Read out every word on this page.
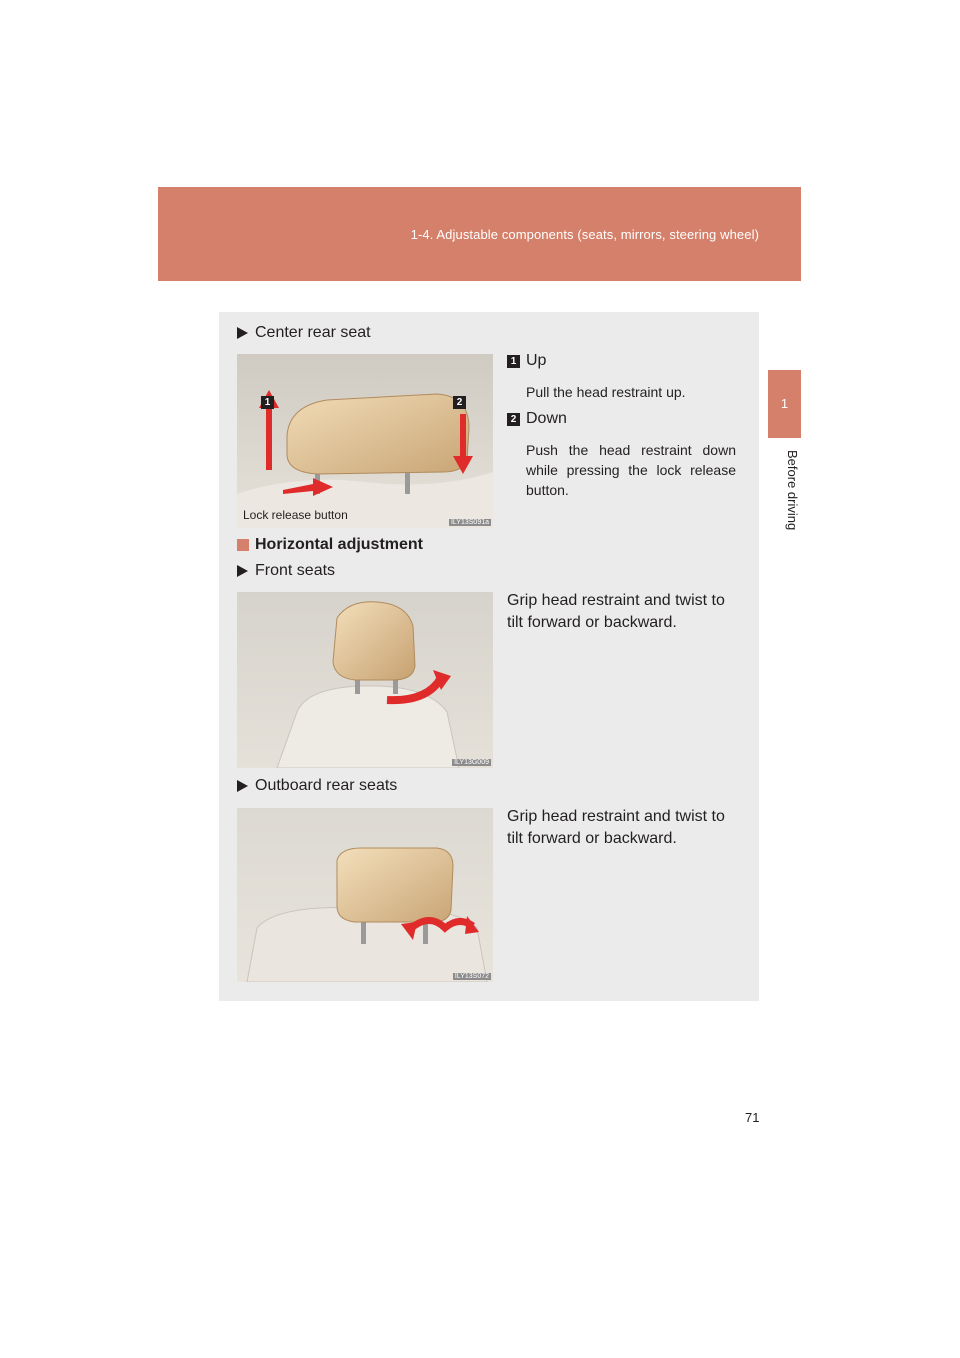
1-4. Adjustable components (seats, mirrors, steering wheel)
1
Before driving
Center rear seat
1	2
Lock release button
ILY13S091a
1 Up
Pull the head restraint up.
2 Down
Push the head restraint down while pressing the lock release button.
Horizontal adjustment
Front seats
ILY13G009
Grip head restraint and twist to tilt forward or backward.
Outboard rear seats
ILY13S072
Grip head restraint and twist to tilt forward or backward.
71
